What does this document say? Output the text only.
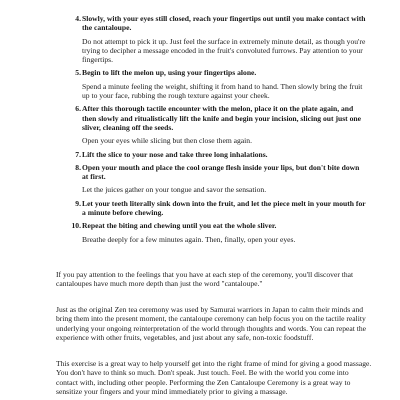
4. Slowly, with your eyes still closed, reach your fingertips out until you make contact with the cantaloupe.
Do not attempt to pick it up. Just feel the surface in extremely minute detail, as though you're trying to decipher a message encoded in the fruit's convoluted furrows. Pay attention to your fingertips.
5. Begin to lift the melon up, using your fingertips alone.
Spend a minute feeling the weight, shifting it from hand to hand. Then slowly bring the fruit up to your face, rubbing the rough texture against your cheek.
6. After this thorough tactile encounter with the melon, place it on the plate again, and then slowly and ritualistically lift the knife and begin your incision, slicing out just one sliver, cleaning off the seeds.
Open your eyes while slicing but then close them again.
7. Lift the slice to your nose and take three long inhalations.
8. Open your mouth and place the cool orange flesh inside your lips, but don't bite down at first.
Let the juices gather on your tongue and savor the sensation.
9. Let your teeth literally sink down into the fruit, and let the piece melt in your mouth for a minute before chewing.
10. Repeat the biting and chewing until you eat the whole sliver.
Breathe deeply for a few minutes again. Then, finally, open your eyes.

If you pay attention to the feelings that you have at each step of the ceremony, you'll discover that cantaloupes have much more depth than just the word "cantaloupe."

Just as the original Zen tea ceremony was used by Samurai warriors in Japan to calm their minds and bring them into the present moment, the cantaloupe ceremony can help focus you on the tactile reality underlying your ongoing reinterpretation of the world through thoughts and words. You can repeat the experience with other fruits, vegetables, and just about any safe, non-toxic foodstuff.

This exercise is a great way to help yourself get into the right frame of mind for giving a good massage. You don't have to think so much. Don't speak. Just touch. Feel. Be with the world you come into contact with, including other people. Performing the Zen Cantaloupe Ceremony is a great way to sensitize your fingers and your mind immediately prior to giving a massage.
